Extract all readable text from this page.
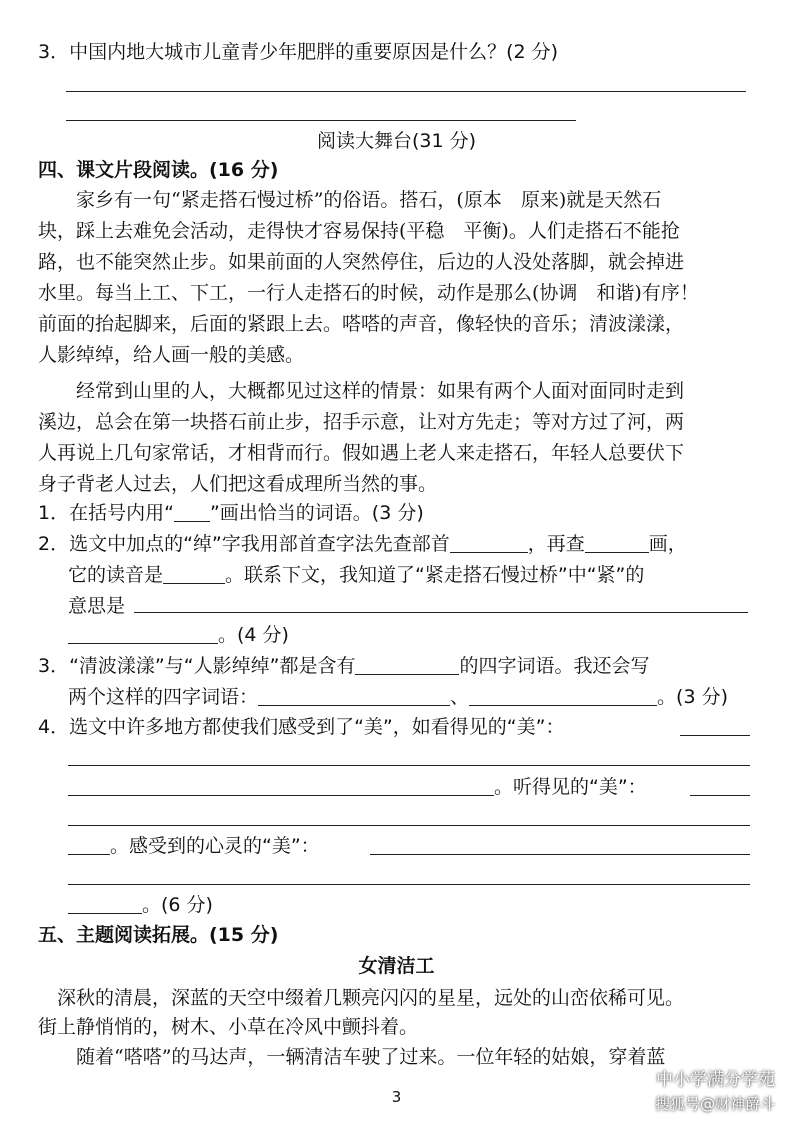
3．中国内地大城市儿童青少年肥胖的重要原因是什么？(2 分)
阅读大舞台(31 分)
四、课文片段阅读。(16 分)
　　家乡有一句“紧走搭石慢过桥”的俗语。搭石，(原本　原来)就是天然石
块，踩上去难免会活动，走得快才容易保持(平稳　平衡)。人们走搭石不能抢
路，也不能突然止步。如果前面的人突然停住，后边的人没处落脚，就会掉进
水里。每当上工、下工，一行人走搭石的时候，动作是那么(协调　和谐)有序！
前面的抬起脚来，后面的紧跟上去。嗒嗒的声音，像轻快的音乐；清波漾漾，
人影绰绰，给人画一般的美感。
　　经常到山里的人，大概都见过这样的情景：如果有两个人面对面同时走到
溪边，总会在第一块搭石前止步，招手示意，让对方先走；等对方过了河，两
人再说上几句家常话，才相背而行。假如遇上老人来走搭石，年轻人总要伏下
身子背老人过去，人们把这看成理所当然的事。
1．在括号内用“ ”画出恰当的词语。(3 分)
2．选文中加点的“绰”字我用部首查字法先查部首	，再查	画，
它的读音是	。联系下文，我知道了“紧走搭石慢过桥”中“紧”的
意思是
。(4 分)
3．“清波漾漾”与“人影绰绰”都是含有	的四字词语。我还会写
两个这样的四字词语：	、	。(3 分)
4．选文中许多地方都使我们感受到了“美”，如看得见的“美”：
。听得见的“美”：
。感受到的心灵的“美”：
。(6 分)
五、主题阅读拓展。(15 分)
女清洁工
　深秋的清晨，深蓝的天空中缀着几颗亮闪闪的星星，远处的山峦依稀可见。
街上静悄悄的，树木、小草在冷风中颤抖着。
　　随着“嗒嗒”的马达声，一辆清洁车驶了过来。一位年轻的姑娘，穿着蓝
3
中小学满分学苑
搜狐号@财神爵斗
